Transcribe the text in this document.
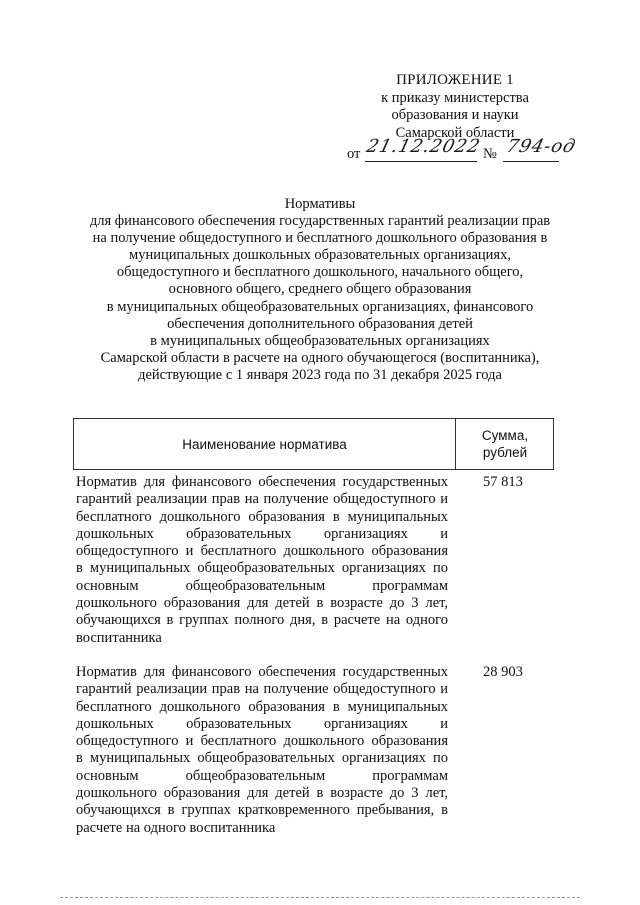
ПРИЛОЖЕНИЕ 1
к приказу министерства
образования и науки
Самарской области
от 21.12.2022 № 794-од
Нормативы
для финансового обеспечения государственных гарантий реализации прав
на получение общедоступного и бесплатного дошкольного образования в
муниципальных дошкольных образовательных организациях,
общедоступного и бесплатного дошкольного, начального общего,
основного общего, среднего общего образования
в муниципальных общеобразовательных организациях, финансового
обеспечения дополнительного образования детей
в муниципальных общеобразовательных организациях
Самарской области в расчете на одного обучающегося (воспитанника),
действующие с 1 января 2023 года по 31 декабря 2025 года
Наименование норматива
Сумма,
рублей
Норматив для финансового обеспечения государственных
гарантий реализации прав на получение общедоступного и
бесплатного дошкольного образования в муниципальных
дошкольных образовательных организациях и
общедоступного и бесплатного дошкольного образования
в муниципальных общеобразовательных организациях по
основным общеобразовательным программам
дошкольного образования для детей в возрасте до 3 лет,
обучающихся в группах полного дня, в расчете на одного
воспитанника
57 813
Норматив для финансового обеспечения государственных
гарантий реализации прав на получение общедоступного и
бесплатного дошкольного образования в муниципальных
дошкольных образовательных организациях и
общедоступного и бесплатного дошкольного образования
в муниципальных общеобразовательных организациях по
основным общеобразовательным программам
дошкольного образования для детей в возрасте до 3 лет,
обучающихся в группах кратковременного пребывания, в
расчете на одного воспитанника
28 903
